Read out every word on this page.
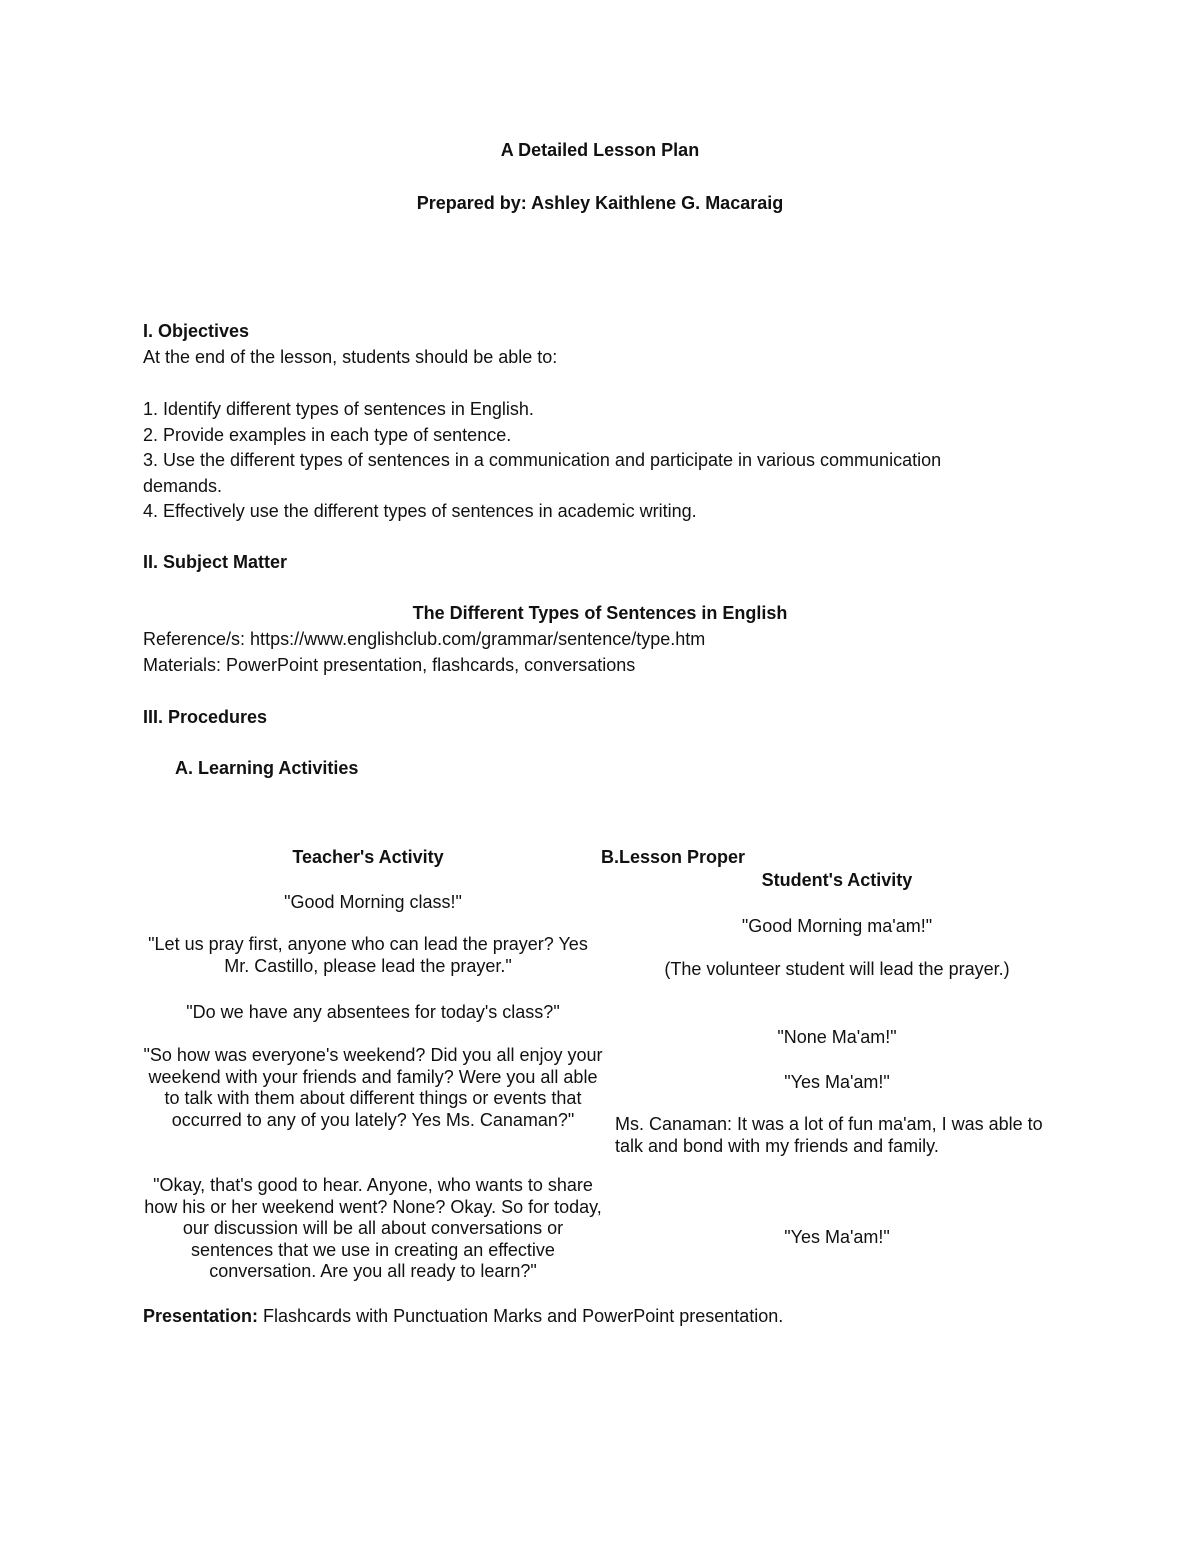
A Detailed Lesson Plan
Prepared by: Ashley Kaithlene G. Macaraig
I. Objectives
At the end of the lesson, students should be able to:
1. Identify different types of sentences in English.
2. Provide examples in each type of sentence.
3. Use the different types of sentences in a communication and participate in various communication
demands.
4. Effectively use the different types of sentences in academic writing.
II. Subject Matter
The Different Types of Sentences in English
Reference/s: https://www.englishclub.com/grammar/sentence/type.htm
Materials: PowerPoint presentation, flashcards, conversations
III. Procedures
A. Learning Activities
Teacher's Activity	B.Lesson Proper
Student's Activity
"Good Morning class!"
"Let us pray first, anyone who can lead the prayer? Yes Mr. Castillo, please lead the prayer."
"Do we have any absentees for today's class?"
"So how was everyone's weekend? Did you all enjoy your weekend with your friends and family? Were you all able to talk with them about different things or events that occurred to any of you lately? Yes Ms. Canaman?"
"Okay, that's good to hear. Anyone, who wants to share how his or her weekend went? None? Okay. So for today, our discussion will be all about conversations or sentences that we use in creating an effective conversation. Are you all ready to learn?"
"Good Morning ma'am!"
(The volunteer student will lead the prayer.)
"None Ma'am!"
"Yes Ma'am!"
Ms. Canaman: It was a lot of fun ma'am, I was able to talk and bond with my friends and family.
"Yes Ma'am!"
Presentation: Flashcards with Punctuation Marks and PowerPoint presentation.
